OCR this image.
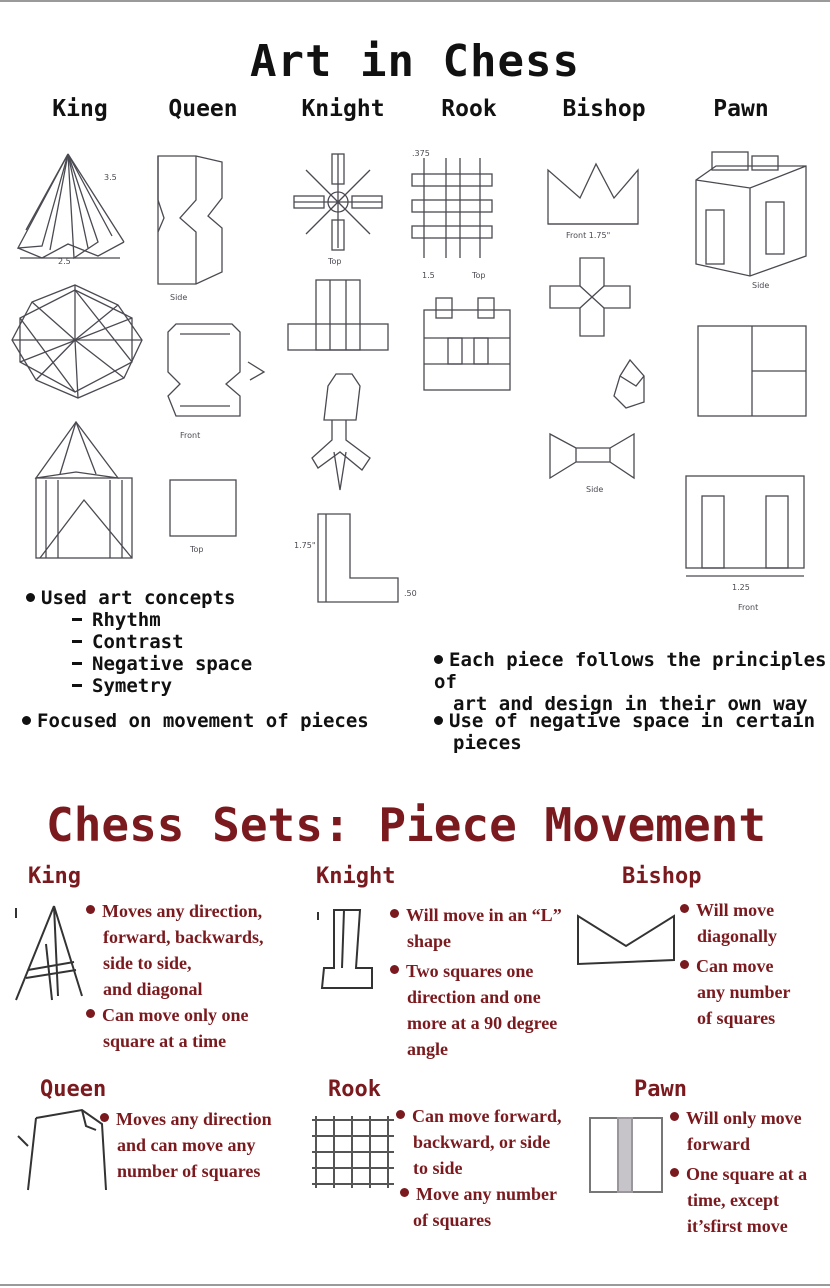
Art in Chess
King	Queen	Knight	Rook	Bishop	Pawn
2.5
3.5
Side
Front
Top
Top
1.75"
.50
.375
1.5	Top
Front 1.75"
Side
Side
1.25
Front
Used art concepts
Rhythm
Contrast
Negative space
Symetry
Focused on movement of pieces
Each piece follows the principles of
art and design in their own way
Use of negative space in certain
pieces
Chess Sets: Piece Movement
King
Moves any direction,
forward, backwards,
side to side,
and diagonal
Can move only one
square at a time
Knight
Will move in an “L”
shape
Two squares one
direction and one
more at a 90 degree
angle
Bishop
Will move
diagonally
Can move
any number
of squares
Queen
Moves any direction
and can move any
number of squares
Rook
Can move forward,
backward, or side
to side
Move any number
of squares
Pawn
Will only move
forward
One square at a
time, except
it’sfirst move
